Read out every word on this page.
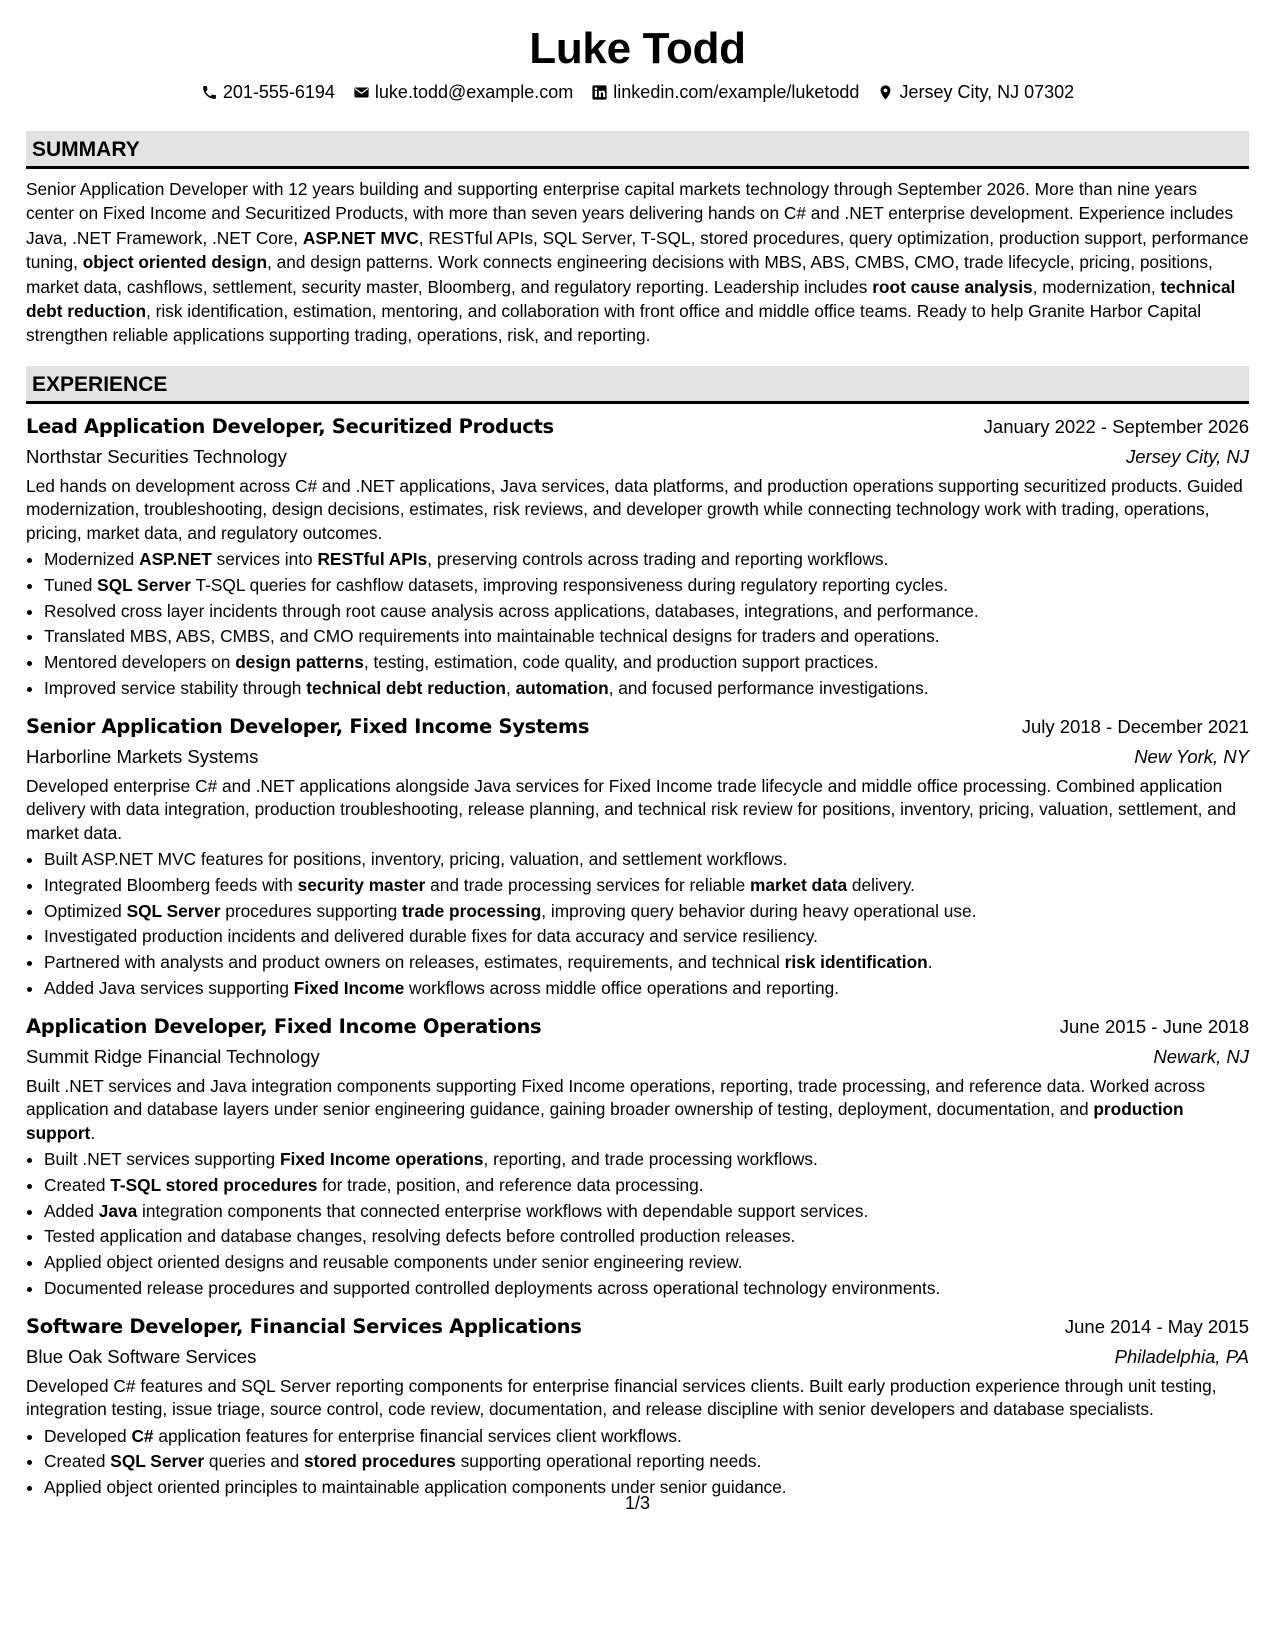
Luke Todd
201-555-6194 luke.todd@example.com linkedin.com/example/luketodd Jersey City, NJ 07302
SUMMARY
Senior Application Developer with 12 years building and supporting enterprise capital markets technology through September 2026. More than nine years center on Fixed Income and Securitized Products, with more than seven years delivering hands on C# and .NET enterprise development. Experience includes Java, .NET Framework, .NET Core, ASP.NET MVC, RESTful APIs, SQL Server, T-SQL, stored procedures, query optimization, production support, performance tuning, object oriented design, and design patterns. Work connects engineering decisions with MBS, ABS, CMBS, CMO, trade lifecycle, pricing, positions, market data, cashflows, settlement, security master, Bloomberg, and regulatory reporting. Leadership includes root cause analysis, modernization, technical debt reduction, risk identification, estimation, mentoring, and collaboration with front office and middle office teams. Ready to help Granite Harbor Capital strengthen reliable applications supporting trading, operations, risk, and reporting.
EXPERIENCE
Lead Application Developer, Securitized Products	January 2022 - September 2026
Northstar Securities Technology	Jersey City, NJ
Led hands on development across C# and .NET applications, Java services, data platforms, and production operations supporting securitized products. Guided modernization, troubleshooting, design decisions, estimates, risk reviews, and developer growth while connecting technology work with trading, operations, pricing, market data, and regulatory outcomes.
• Modernized ASP.NET services into RESTful APIs, preserving controls across trading and reporting workflows.
• Tuned SQL Server T-SQL queries for cashflow datasets, improving responsiveness during regulatory reporting cycles.
• Resolved cross layer incidents through root cause analysis across applications, databases, integrations, and performance.
• Translated MBS, ABS, CMBS, and CMO requirements into maintainable technical designs for traders and operations.
• Mentored developers on design patterns, testing, estimation, code quality, and production support practices.
• Improved service stability through technical debt reduction, automation, and focused performance investigations.
Senior Application Developer, Fixed Income Systems	July 2018 - December 2021
Harborline Markets Systems	New York, NY
Developed enterprise C# and .NET applications alongside Java services for Fixed Income trade lifecycle and middle office processing. Combined application delivery with data integration, production troubleshooting, release planning, and technical risk review for positions, inventory, pricing, valuation, settlement, and market data.
• Built ASP.NET MVC features for positions, inventory, pricing, valuation, and settlement workflows.
• Integrated Bloomberg feeds with security master and trade processing services for reliable market data delivery.
• Optimized SQL Server procedures supporting trade processing, improving query behavior during heavy operational use.
• Investigated production incidents and delivered durable fixes for data accuracy and service resiliency.
• Partnered with analysts and product owners on releases, estimates, requirements, and technical risk identification.
• Added Java services supporting Fixed Income workflows across middle office operations and reporting.
Application Developer, Fixed Income Operations	June 2015 - June 2018
Summit Ridge Financial Technology	Newark, NJ
Built .NET services and Java integration components supporting Fixed Income operations, reporting, trade processing, and reference data. Worked across application and database layers under senior engineering guidance, gaining broader ownership of testing, deployment, documentation, and production support.
• Built .NET services supporting Fixed Income operations, reporting, and trade processing workflows.
• Created T-SQL stored procedures for trade, position, and reference data processing.
• Added Java integration components that connected enterprise workflows with dependable support services.
• Tested application and database changes, resolving defects before controlled production releases.
• Applied object oriented designs and reusable components under senior engineering review.
• Documented release procedures and supported controlled deployments across operational technology environments.
Software Developer, Financial Services Applications	June 2014 - May 2015
Blue Oak Software Services	Philadelphia, PA
Developed C# features and SQL Server reporting components for enterprise financial services clients. Built early production experience through unit testing, integration testing, issue triage, source control, code review, documentation, and release discipline with senior developers and database specialists.
• Developed C# application features for enterprise financial services client workflows.
• Created SQL Server queries and stored procedures supporting operational reporting needs.
• Applied object oriented principles to maintainable application components under senior guidance.
1/3
